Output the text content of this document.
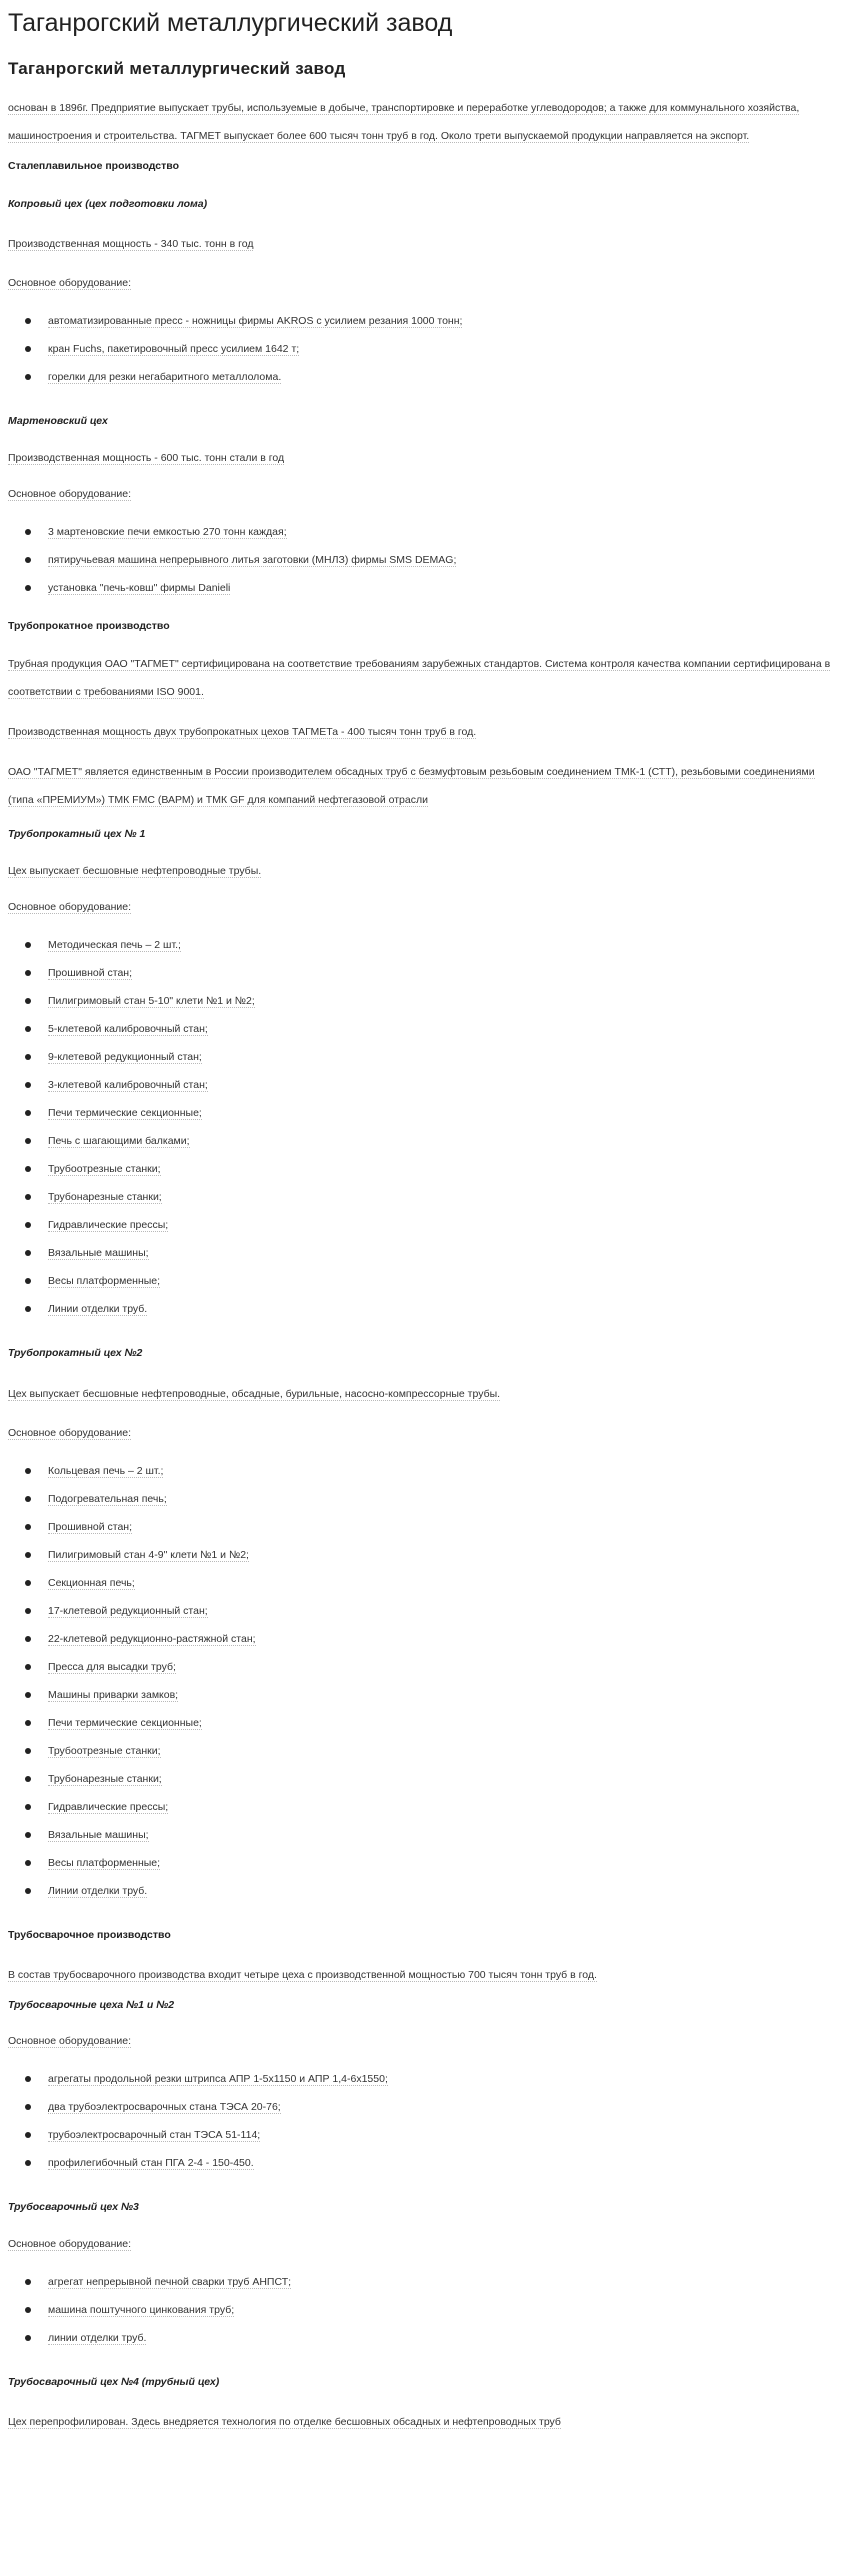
Таганрогский металлургический завод
Таганрогский металлургический завод

основан в 1896г. Предприятие выпускает трубы, используемые в добыче, транспортировке и переработке углеводородов; а также для коммунального хозяйства, машиностроения и строительства. ТАГМЕТ выпускает более 600 тысяч тонн труб в год. Около трети выпускаемой продукции направляется на экспорт.

Сталеплавильное производство
Копровый цех (цех подготовки лома)

Производственная мощность - 340 тыс. тонн в год

Основное оборудование:

автоматизированные пресс - ножницы фирмы AKROS с усилием резания 1000 тонн;
кран Fuchs, пакетировочный пресс усилием 1642 т;
горелки для резки негабаритного металлолома.
Мартеновский цех

Производственная мощность - 600 тыс. тонн стали в год

Основное оборудование:

3 мартеновские печи емкостью 270 тонн каждая;
пятиручьевая машина непрерывного литья заготовки (МНЛЗ) фирмы SMS DEMAG;
установка "печь-ковш" фирмы Danieli
Трубопрокатное производство

Трубная продукция ОАО "ТАГМЕТ" сертифицирована на соответствие требованиям зарубежных стандартов. Система контроля качества компании сертифицирована в соответствии с требованиями ISO 9001.

Производственная мощность двух трубопрокатных цехов ТАГМЕТа - 400 тысяч тонн труб в год.

ОАО "ТАГМЕТ" является единственным в России производителем обсадных труб с безмуфтовым резьбовым соединением ТМК-1 (СТТ), резьбовыми соединениями (типа «ПРЕМИУМ») ТМК FMC (ВАРМ) и ТМК GF для компаний нефтегазовой отрасли

Трубопрокатный цех № 1

Цех выпускает бесшовные нефтепроводные трубы.

Основное оборудование:

Методическая печь – 2 шт.;
Прошивной стан;
Пилигримовый стан 5-10" клети №1 и №2;
5-клетевой калибровочный стан;
9-клетевой редукционный стан;
3-клетевой калибровочный стан;
Печи термические секционные;
Печь с шагающими балками;
Трубоотрезные станки;
Трубонарезные станки;
Гидравлические прессы;
Вязальные машины;
Весы платформенные;
Линии отделки труб.
Трубопрокатный цех №2

Цех выпускает бесшовные нефтепроводные, обсадные, бурильные, насосно-компрессорные трубы.

Основное оборудование:

Кольцевая печь – 2 шт.;
Подогревательная печь;
Прошивной стан;
Пилигримовый стан 4-9" клети №1 и №2;
Секционная печь;
17-клетевой редукционный стан;
22-клетевой редукционно-растяжной стан;
Пресса для высадки труб;
Машины приварки замков;
Печи термические секционные;
Трубоотрезные станки;
Трубонарезные станки;
Гидравлические прессы;
Вязальные машины;
Весы платформенные;
Линии отделки труб.
Трубосварочное производство

В состав трубосварочного производства входит четыре цеха с производственной мощностью 700 тысяч тонн труб в год.

Трубосварочные цеха №1 и №2

Основное оборудование:

агрегаты продольной резки штрипса АПР 1-5х1150 и АПР 1,4-6х1550;
два трубоэлектросварочных стана ТЭСА 20-76;
трубоэлектросварочный стан ТЭСА 51-114;
профилегибочный стан ПГА 2-4 - 150-450.
Трубосварочный цех №3

Основное оборудование:

агрегат непрерывной печной сварки труб АНПСТ;
машина поштучного цинкования труб;
линии отделки труб.
Трубосварочный цех №4 (трубный цех)

Цех перепрофилирован. Здесь внедряется технология по отделке бесшовных обсадных и нефтепроводных труб
